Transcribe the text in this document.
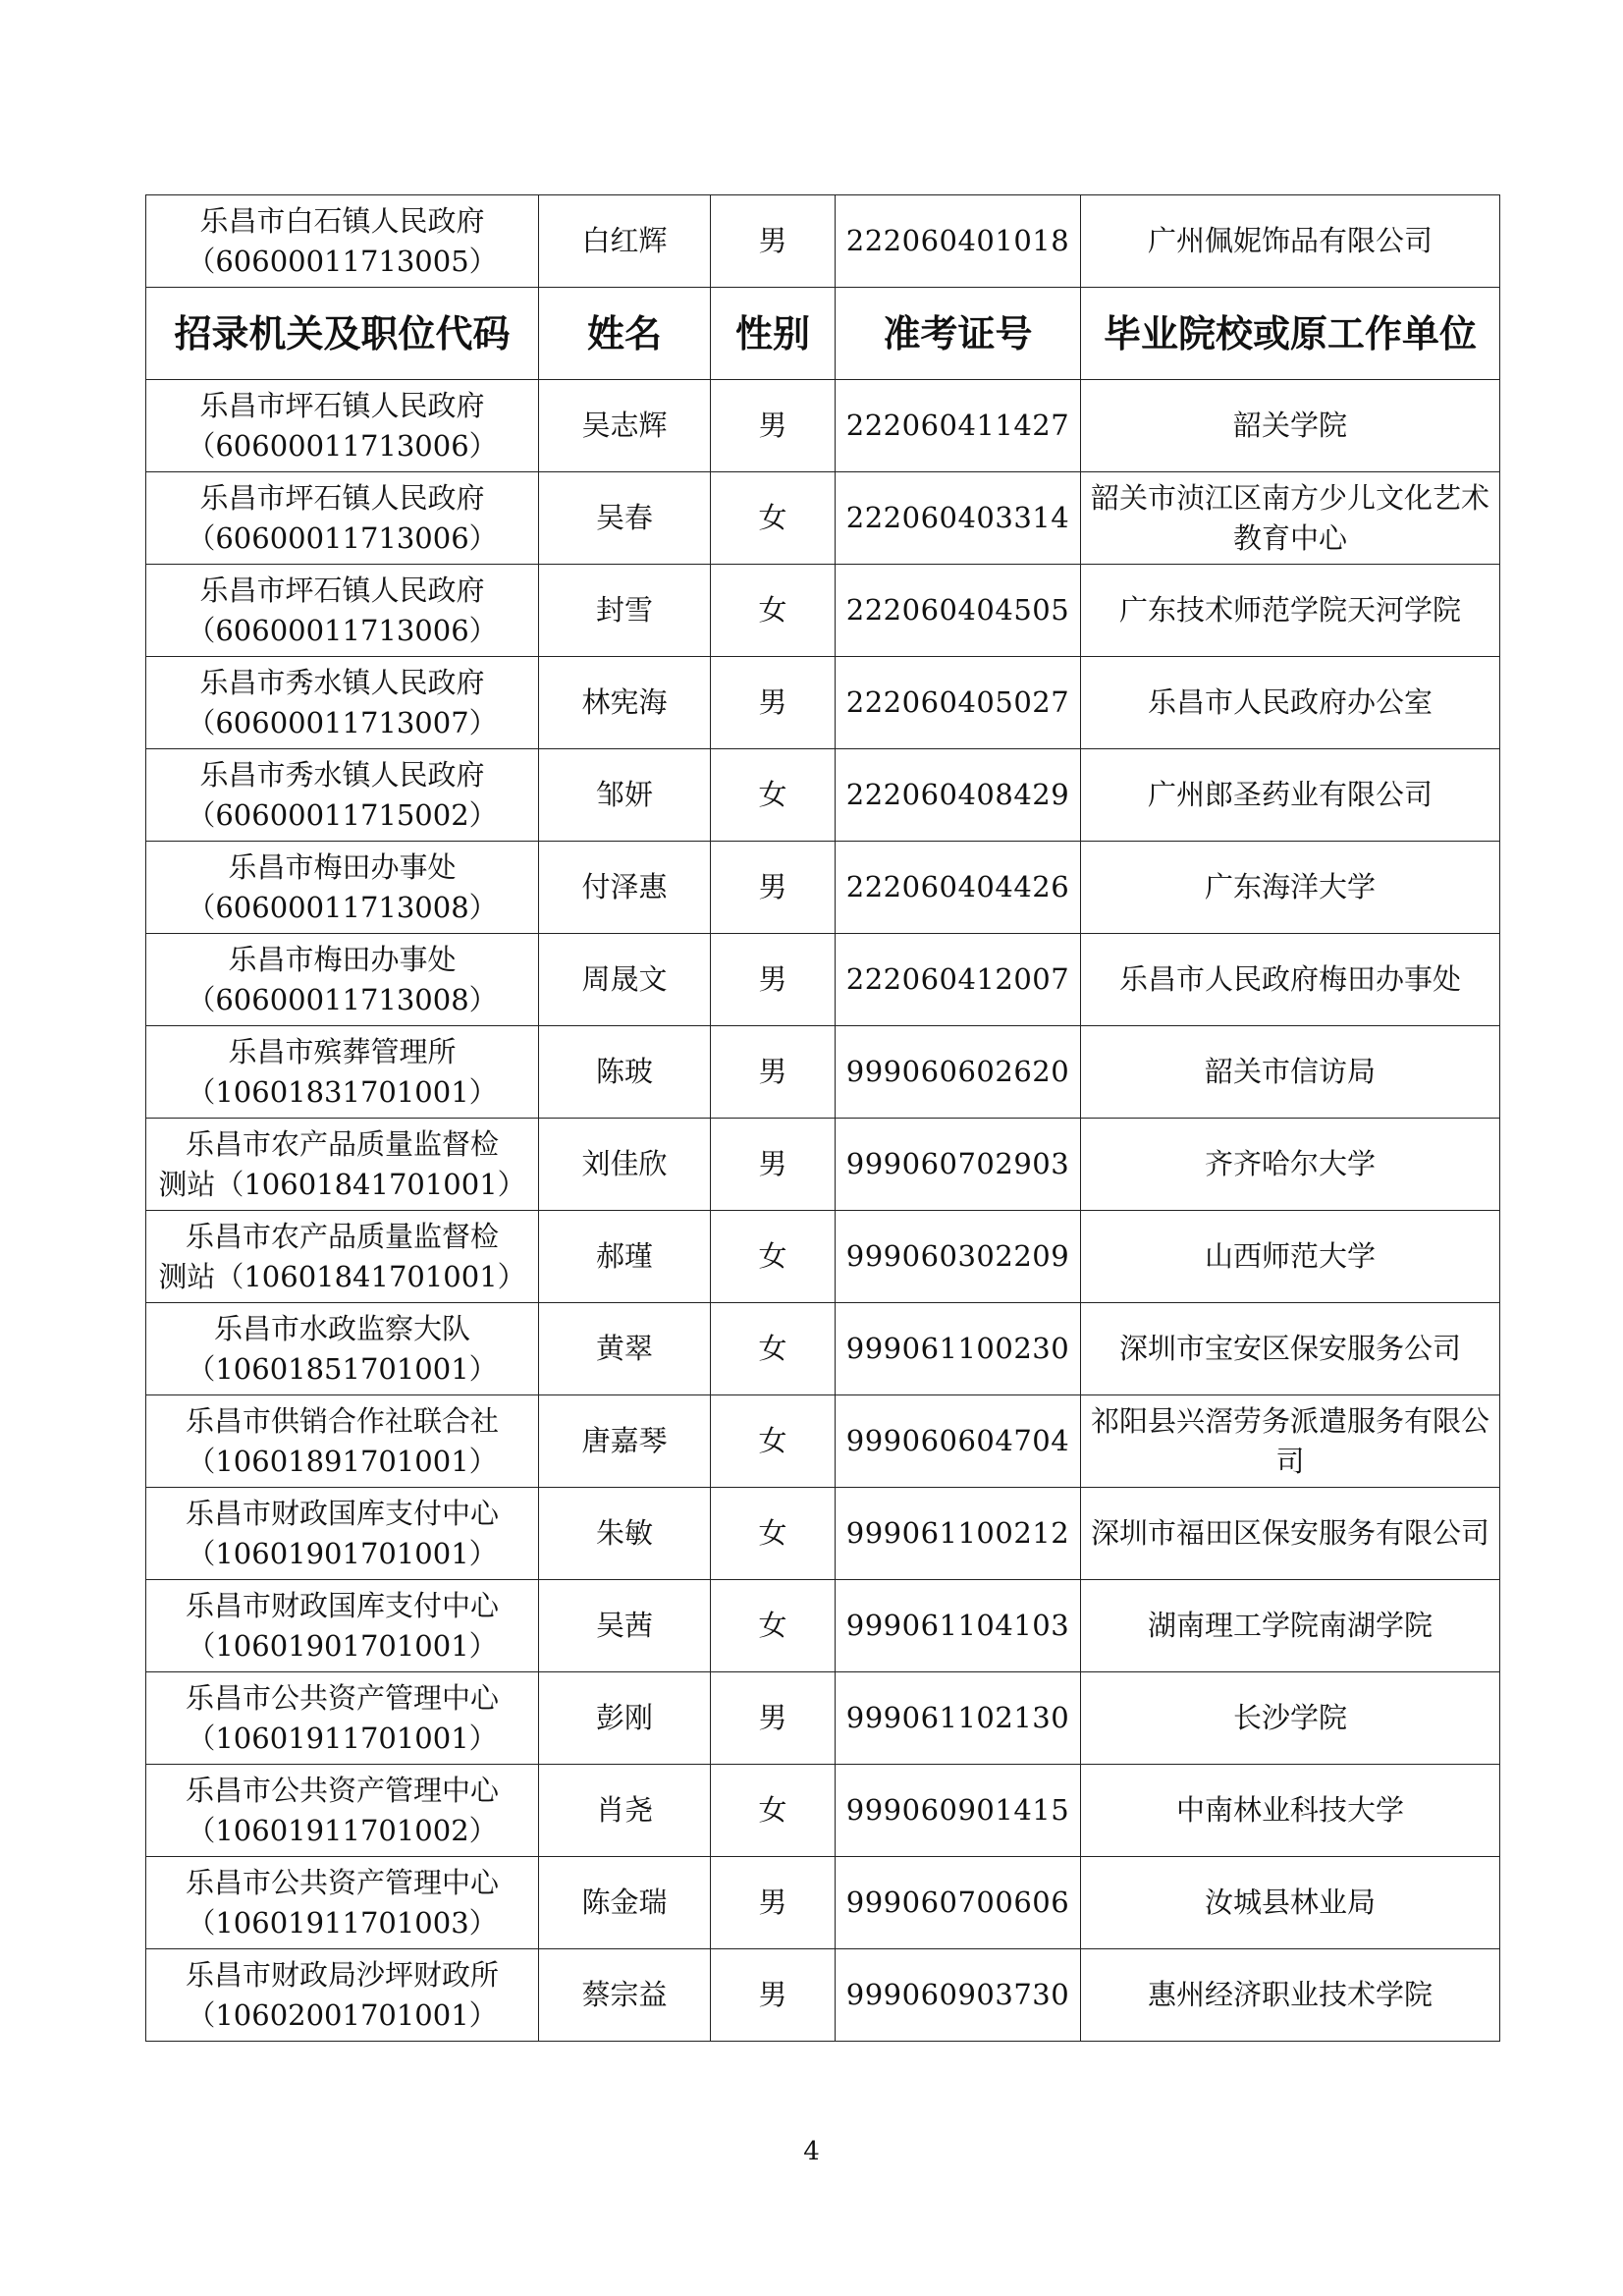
乐昌市白石镇人民政府
（60600011713005）	白红辉	男	222060401018	广州佩妮饰品有限公司
招录机关及职位代码	姓名	性别	准考证号	毕业院校或原工作单位

乐昌市坪石镇人民政府
（60600011713006）	吴志辉	男	222060411427	韶关学院

乐昌市坪石镇人民政府
（60600011713006）	吴春	女	222060403314	韶关市浈江区南方少儿文化艺术教育中心

乐昌市坪石镇人民政府
（60600011713006）	封雪	女	222060404505	广东技术师范学院天河学院

乐昌市秀水镇人民政府
（60600011713007）	林宪海	男	222060405027	乐昌市人民政府办公室

乐昌市秀水镇人民政府
（60600011715002）	邹妍	女	222060408429	广州郎圣药业有限公司

乐昌市梅田办事处
（60600011713008）	付泽惠	男	222060404426	广东海洋大学

乐昌市梅田办事处
（60600011713008）	周晟文	男	222060412007	乐昌市人民政府梅田办事处

乐昌市殡葬管理所
（10601831701001）	陈玻	男	999060602620	韶关市信访局

乐昌市农产品质量监督检
测站（10601841701001）	刘佳欣	男	999060702903	齐齐哈尔大学

乐昌市农产品质量监督检
测站（10601841701001）	郝瑾	女	999060302209	山西师范大学

乐昌市水政监察大队
（10601851701001）	黄翠	女	999061100230	深圳市宝安区保安服务公司

乐昌市供销合作社联合社
（10601891701001）	唐嘉琴	女	999060604704	祁阳县兴滘劳务派遣服务有限公司

乐昌市财政国库支付中心
（10601901701001）	朱敏	女	999061100212	深圳市福田区保安服务有限公司

乐昌市财政国库支付中心
（10601901701001）	吴茜	女	999061104103	湖南理工学院南湖学院

乐昌市公共资产管理中心
（10601911701001）	彭刚	男	999061102130	长沙学院

乐昌市公共资产管理中心
（10601911701002）	肖尧	女	999060901415	中南林业科技大学

乐昌市公共资产管理中心
（10601911701003）	陈金瑞	男	999060700606	汝城县林业局

乐昌市财政局沙坪财政所
（10602001701001）	蔡宗益	男	999060903730	惠州经济职业技术学院
4
